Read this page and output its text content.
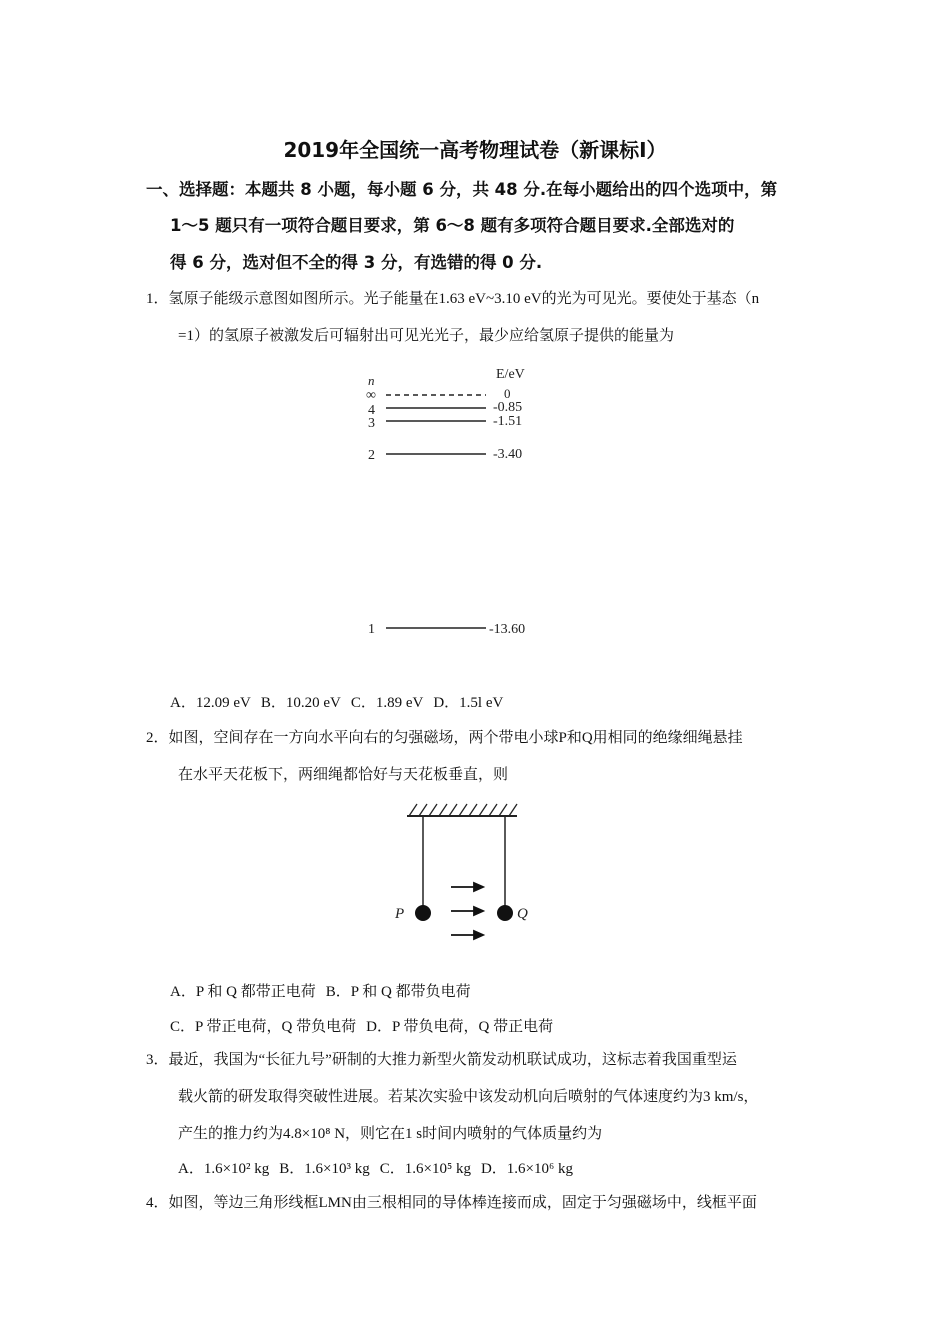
2019年全国统一高考物理试卷（新课标Ⅰ）
一、选择题：本题共 8 小题，每小题 6 分，共 48 分.在每小题给出的四个选项中，第
1～5 题只有一项符合题目要求，第 6～8 题有多项符合题目要求.全部选对的
得 6 分，选对但不全的得 3 分，有选错的得 0 分.
1．氢原子能级示意图如图所示。光子能量在1.63 eV~3.10 eV的光为可见光。要使处于基态（n
=1）的氢原子被激发后可辐射出可见光光子，最少应给氢原子提供的能量为
n	E/eV
∞	0
4	-0.85
3	-1.51
2	-3.40
1	-13.60
A．12.09 eV B．10.20 eV C．1.89 eV D．1.5l eV
2．如图，空间存在一方向水平向右的匀强磁场，两个带电小球P和Q用相同的绝缘细绳悬挂
在水平天花板下，两细绳都恰好与天花板垂直，则
P	Q
A．P 和 Q 都带正电荷 B．P 和 Q 都带负电荷
C．P 带正电荷，Q 带负电荷 D．P 带负电荷，Q 带正电荷
3．最近，我国为“长征九号”研制的大推力新型火箭发动机联试成功，这标志着我国重型运
载火箭的研发取得突破性进展。若某次实验中该发动机向后喷射的气体速度约为3 km/s，
产生的推力约为4.8×10⁸ N，则它在1 s时间内喷射的气体质量约为
A．1.6×10² kg B．1.6×10³ kg C．1.6×10⁵ kg D．1.6×10⁶ kg
4．如图，等边三角形线框LMN由三根相同的导体棒连接而成，固定于匀强磁场中，线框平面
